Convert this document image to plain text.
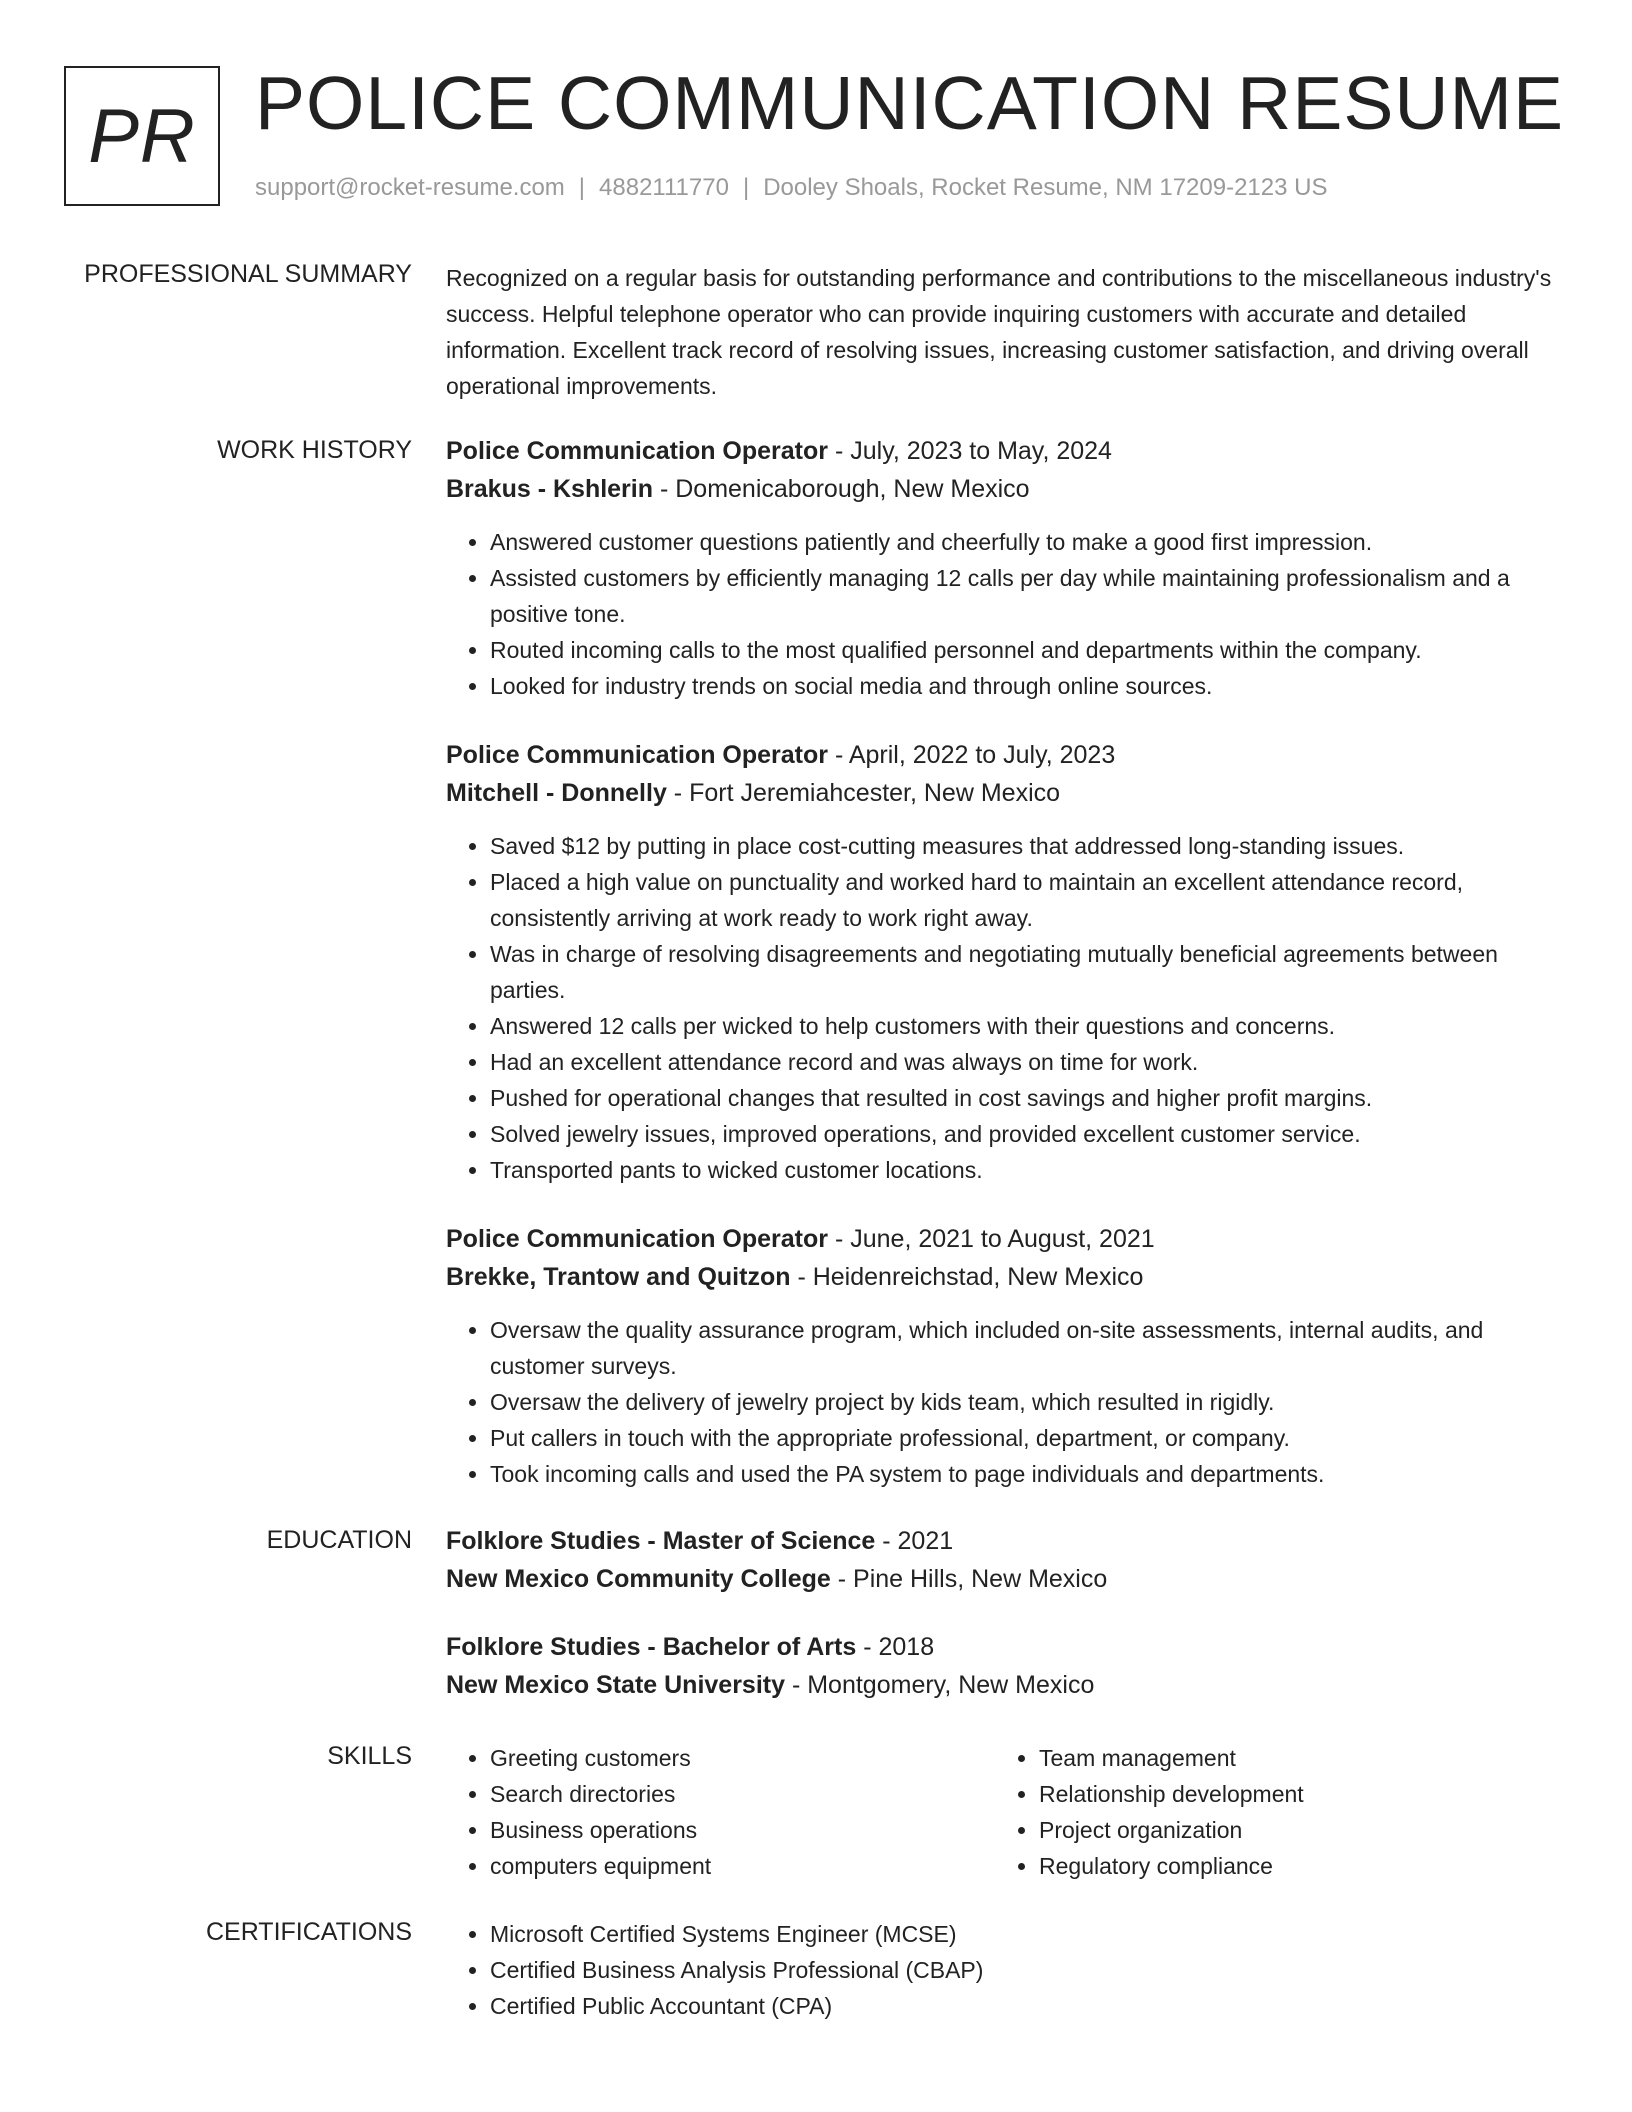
PR POLICE COMMUNICATION RESUME
support@rocket-resume.com | 4882111770 | Dooley Shoals, Rocket Resume, NM 17209-2123 US
PROFESSIONAL SUMMARY Recognized on a regular basis for outstanding performance and contributions to the miscellaneous industry's success. Helpful telephone operator who can provide inquiring customers with accurate and detailed information. Excellent track record of resolving issues, increasing customer satisfaction, and driving overall operational improvements.

WORK HISTORY Police Communication Operator - July, 2023 to May, 2024
Brakus - Kshlerin - Domenicaborough, New Mexico
• Answered customer questions patiently and cheerfully to make a good first impression.
• Assisted customers by efficiently managing 12 calls per day while maintaining professionalism and a positive tone.
• Routed incoming calls to the most qualified personnel and departments within the company.
• Looked for industry trends on social media and through online sources.
Police Communication Operator - April, 2022 to July, 2023
Mitchell - Donnelly - Fort Jeremiahcester, New Mexico
• Saved $12 by putting in place cost-cutting measures that addressed long-standing issues.
• Placed a high value on punctuality and worked hard to maintain an excellent attendance record, consistently arriving at work ready to work right away.
• Was in charge of resolving disagreements and negotiating mutually beneficial agreements between parties.
• Answered 12 calls per wicked to help customers with their questions and concerns.
• Had an excellent attendance record and was always on time for work.
• Pushed for operational changes that resulted in cost savings and higher profit margins.
• Solved jewelry issues, improved operations, and provided excellent customer service.
• Transported pants to wicked customer locations.
Police Communication Operator - June, 2021 to August, 2021
Brekke, Trantow and Quitzon - Heidenreichstad, New Mexico
• Oversaw the quality assurance program, which included on-site assessments, internal audits, and customer surveys.
• Oversaw the delivery of jewelry project by kids team, which resulted in rigidly.
• Put callers in touch with the appropriate professional, department, or company.
• Took incoming calls and used the PA system to page individuals and departments.
EDUCATION Folklore Studies - Master of Science - 2021
New Mexico Community College - Pine Hills, New Mexico
Folklore Studies - Bachelor of Arts - 2018
New Mexico State University - Montgomery, New Mexico
SKILLS	• Greeting customers
• Search directories
• Business operations
• computers equipment
• Team management
• Relationship development
• Project organization
• Regulatory compliance
CERTIFICATIONS	• Microsoft Certified Systems Engineer (MCSE)
• Certified Business Analysis Professional (CBAP)
• Certified Public Accountant (CPA)
